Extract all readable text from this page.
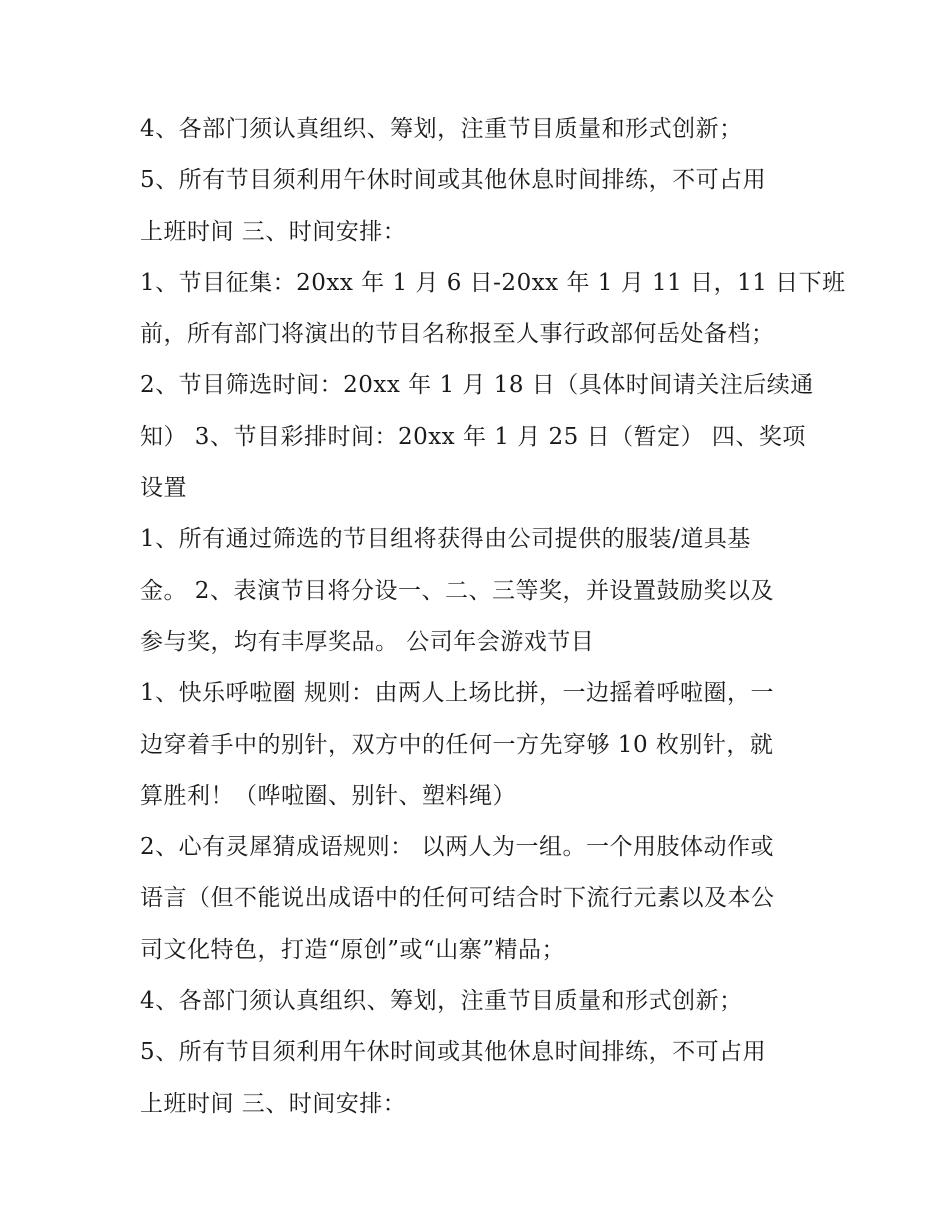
4、各部门须认真组织、筹划，注重节目质量和形式创新；
5、所有节目须利用午休时间或其他休息时间排练，不可占用
上班时间 三、时间安排：
1、节目征集：20xx 年 1 月 6 日-20xx 年 1 月 11 日，11 日下班
前，所有部门将演出的节目名称报至人事行政部何岳处备档；
2、节目筛选时间：20xx 年 1 月 18 日（具体时间请关注后续通
知） 3、节目彩排时间：20xx 年 1 月 25 日（暂定） 四、奖项
设置
1、所有通过筛选的节目组将获得由公司提供的服装/道具基
金。 2、表演节目将分设一、二、三等奖，并设置鼓励奖以及
参与奖，均有丰厚奖品。 公司年会游戏节目
1、快乐呼啦圈 规则：由两人上场比拼，一边摇着呼啦圈，一
边穿着手中的别针，双方中的任何一方先穿够 10 枚别针，就
算胜利！（哗啦圈、别针、塑料绳）
2、心有灵犀猜成语规则： 以两人为一组。一个用肢体动作或
语言（但不能说出成语中的任何可结合时下流行元素以及本公
司文化特色，打造“原创”或“山寨”精品；
4、各部门须认真组织、筹划，注重节目质量和形式创新；
5、所有节目须利用午休时间或其他休息时间排练，不可占用
上班时间 三、时间安排：
